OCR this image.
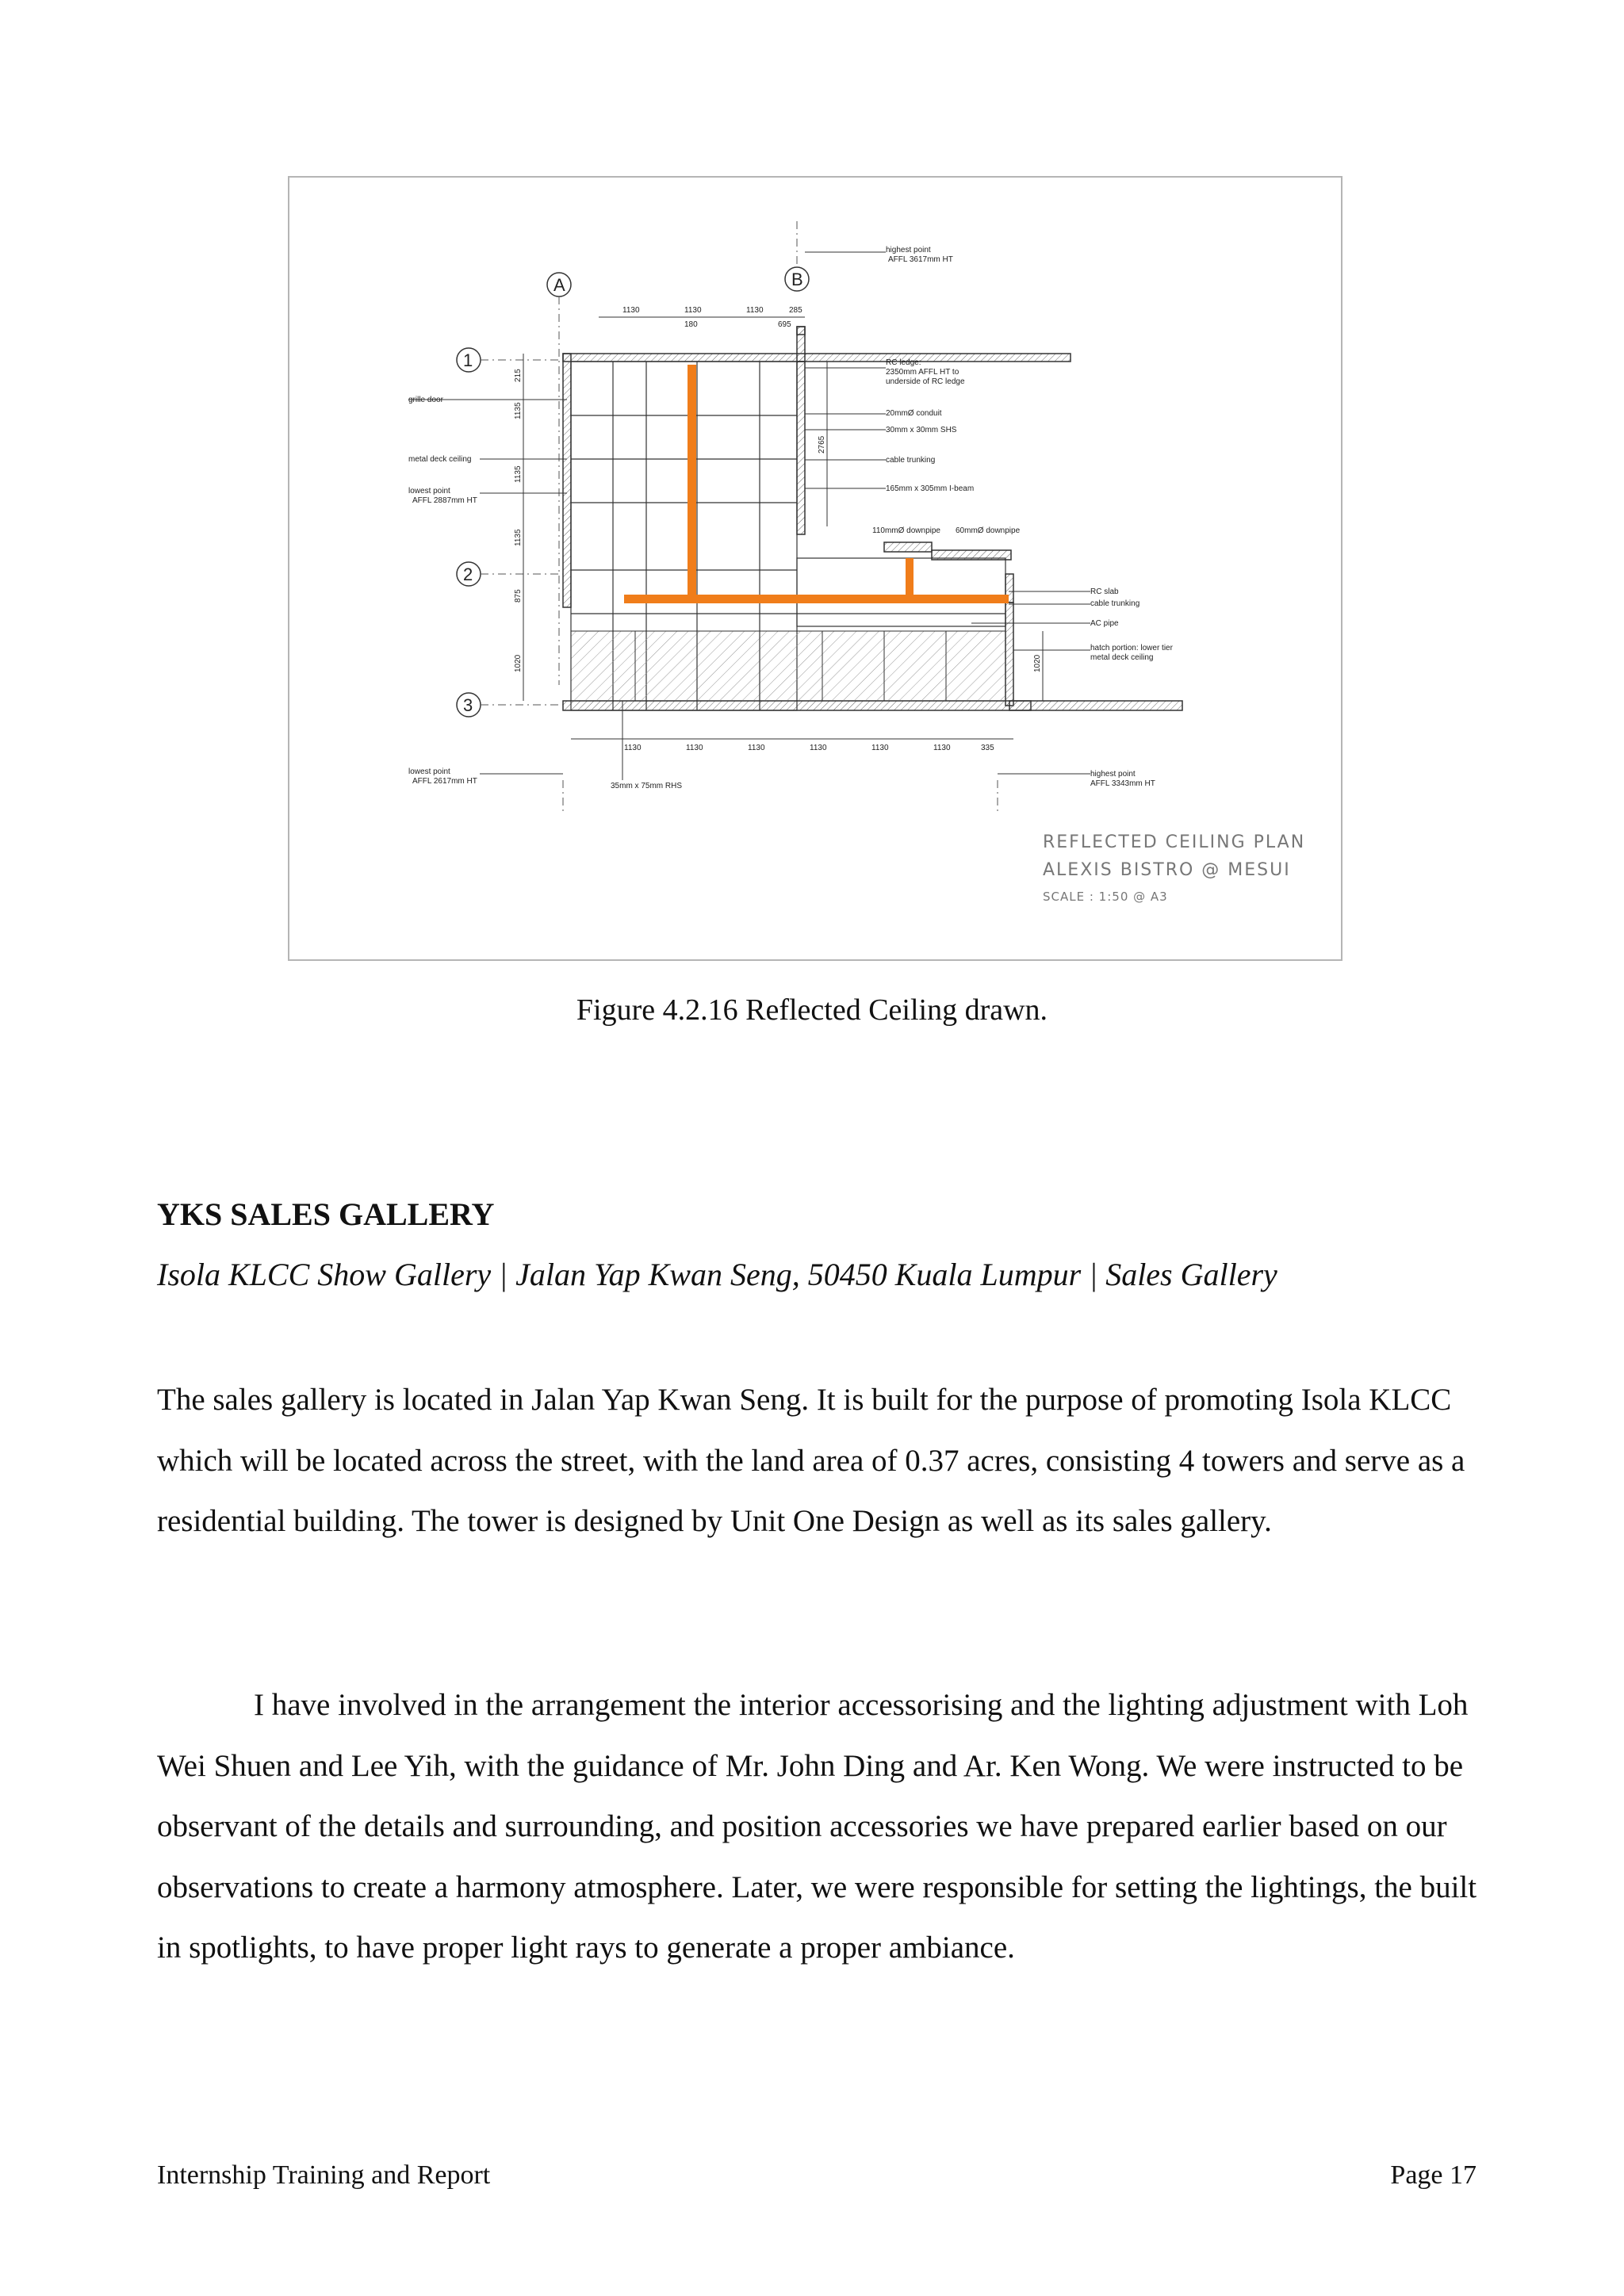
A	B
1
2
3
1130	1130	1130	285
180	695
1130	1130	1130	1130	1130	1130	335
215
1135
1135
1135
875
1020	1020
2765
grille door
metal deck ceiling
lowest point
AFFL 2887mm HT
lowest point
AFFL 2617mm HT
35mm x 75mm RHS
highest point
AFFL 3617mm HT
RC ledge:
2350mm AFFL HT to
underside of RC ledge
20mmØ conduit
30mm x 30mm SHS
cable trunking
165mm x 305mm I-beam
110mmØ downpipe 60mmØ downpipe
RC slab
cable trunking
AC pipe
hatch portion: lower tier
metal deck ceiling
highest point
AFFL 3343mm HT
REFLECTED CEILING PLAN
ALEXIS BISTRO @ MESUI
SCALE : 1:50 @ A3
Figure 4.2.16 Reflected Ceiling drawn.
YKS SALES GALLERY
Isola KLCC Show Gallery | Jalan Yap Kwan Seng, 50450 Kuala Lumpur | Sales Gallery

The sales gallery is located in Jalan Yap Kwan Seng. It is built for the purpose of promoting Isola KLCC which will be located across the street, with the land area of 0.37 acres, consisting 4 towers and serve as a residential building. The tower is designed by Unit One Design as well as its sales gallery.

I have involved in the arrangement the interior accessorising and the lighting adjustment with Loh Wei Shuen and Lee Yih, with the guidance of Mr. John Ding and Ar. Ken Wong. We were instructed to be observant of the details and surrounding, and position accessories we have prepared earlier based on our observations to create a harmony atmosphere. Later, we were responsible for setting the lightings, the built in spotlights, to have proper light rays to generate a proper ambiance.

Internship Training and Report	Page 17
